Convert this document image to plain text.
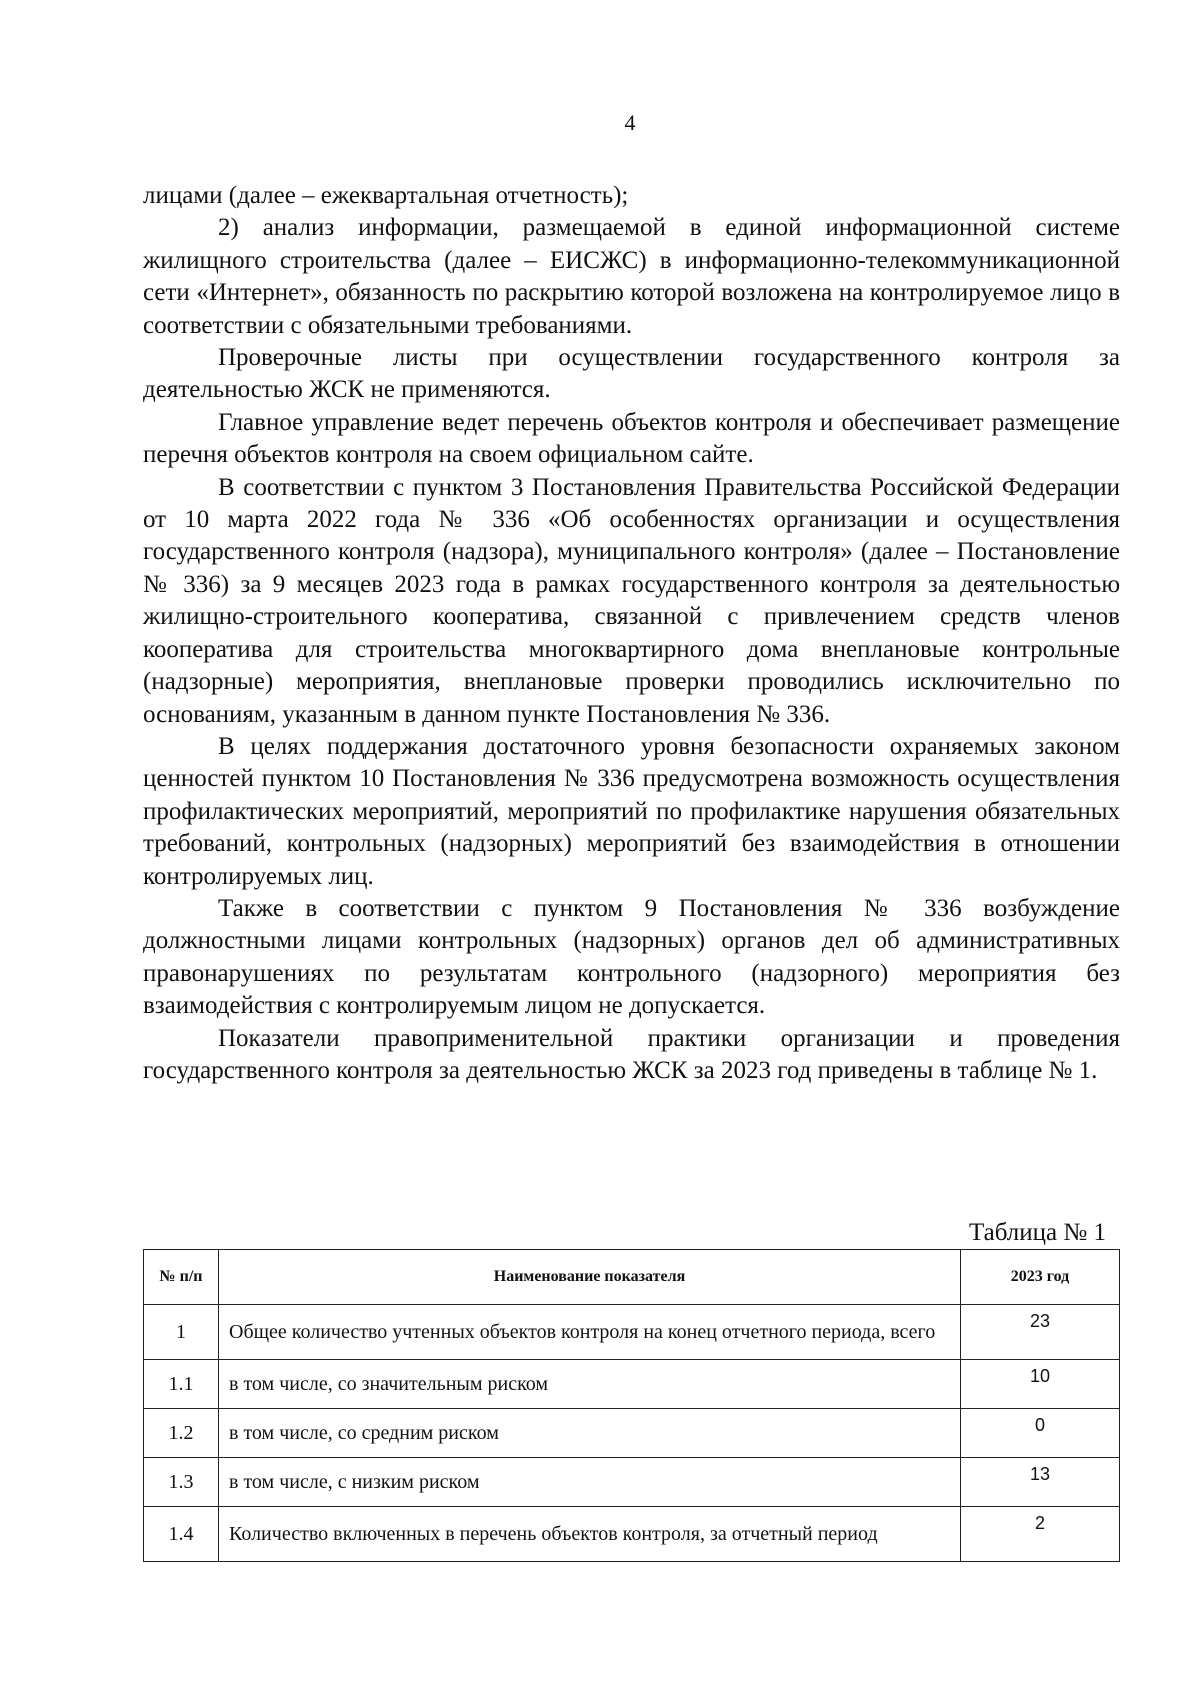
4

лицами (далее – ежеквартальная отчетность);

2) анализ информации, размещаемой в единой информационной системе жилищного строительства (далее – ЕИСЖС) в информационно-телекоммуникационной сети «Интернет», обязанность по раскрытию которой возложена на контролируемое лицо в соответствии с обязательными требованиями.

Проверочные листы при осуществлении государственного контроля за деятельностью ЖСК не применяются.

Главное управление ведет перечень объектов контроля и обеспечивает размещение перечня объектов контроля на своем официальном сайте.

В соответствии с пунктом 3 Постановления Правительства Российской Федерации от 10 марта 2022 года № 336 «Об особенностях организации и осуществления государственного контроля (надзора), муниципального контроля» (далее – Постановление № 336) за 9 месяцев 2023 года в рамках государственного контроля за деятельностью жилищно-строительного кооператива, связанной с привлечением средств членов кооператива для строительства многоквартирного дома внеплановые контрольные (надзорные) мероприятия, внеплановые проверки проводились исключительно по основаниям, указанным в данном пункте Постановления № 336.

В целях поддержания достаточного уровня безопасности охраняемых законом ценностей пунктом 10 Постановления № 336 предусмотрена возможность осуществления профилактических мероприятий, мероприятий по профилактике нарушения обязательных требований, контрольных (надзорных) мероприятий без взаимодействия в отношении контролируемых лиц.

Также в соответствии с пунктом 9 Постановления № 336 возбуждение должностными лицами контрольных (надзорных) органов дел об административных правонарушениях по результатам контрольного (надзорного) мероприятия без взаимодействия с контролируемым лицом не допускается.

Показатели правоприменительной практики организации и проведения государственного контроля за деятельностью ЖСК за 2023 год приведены в таблице № 1.

Таблица № 1
№ п/п	Наименование показателя	2023 год
1	Общее количество учтенных объектов контроля на конец отчетного периода, всего	23
1.1	в том числе, со значительным риском	10
1.2	в том числе, со средним риском	0
1.3	в том числе, с низким риском	13
1.4	Количество включенных в перечень объектов контроля, за отчетный период	2
